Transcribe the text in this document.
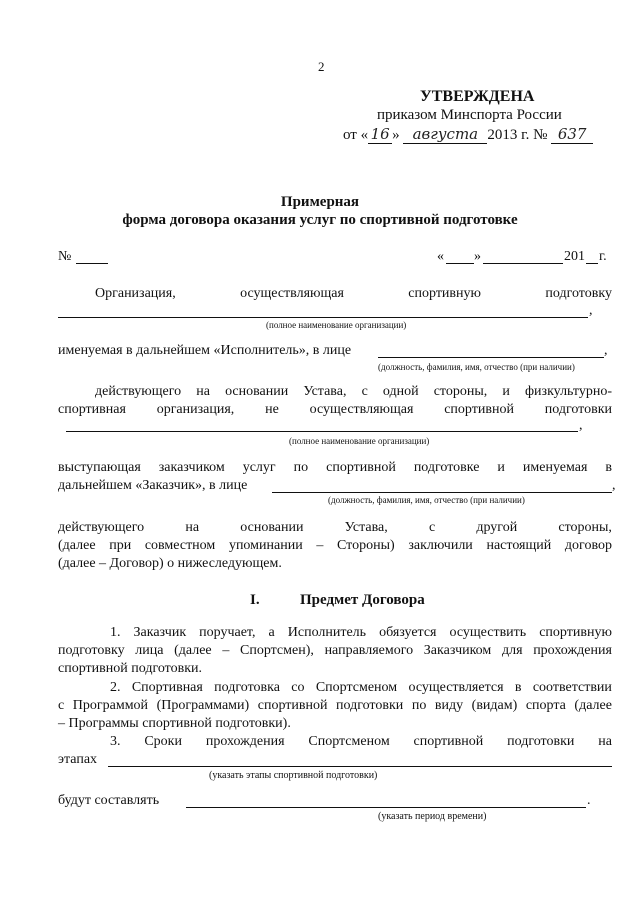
2
УТВЕРЖДЕНА
приказом Минспорта России
от « 16 » августа 2013 г. № 637
Примерная
форма договора оказания услуг по спортивной подготовке
№	« »	201 г.
Организация,	осуществляющая	спортивную	подготовку
,
(полное наименование организации)
именуемая в дальнейшем «Исполнитель», в лице	,
(должность, фамилия, имя, отчество (при наличии)
действующего на основании Устава, с одной стороны, и физкультурно-
спортивная организация, не осуществляющая спортивной подготовки
,
(полное наименование организации)
выступающая заказчиком услуг по спортивной подготовке и именуемая в
дальнейшем «Заказчик», в лице	,
(должность, фамилия, имя, отчество (при наличии)
действующего	на	основании	Устава,	с	другой	стороны,
(далее при совместном упоминании – Стороны) заключили настоящий договор
(далее – Договор) о нижеследующем.
I.	Предмет Договора
1. Заказчик поручает, а Исполнитель обязуется осуществить спортивную
подготовку лица (далее – Спортсмен), направляемого Заказчиком для прохождения
спортивной подготовки.
2. Спортивная подготовка со Спортсменом осуществляется в соответствии
с Программой (Программами) спортивной подготовки по виду (видам) спорта (далее
– Программы спортивной подготовки).
3. Сроки прохождения Спортсменом спортивной подготовки на
этапах
(указать этапы спортивной подготовки)
будут составлять	.
(указать период времени)
